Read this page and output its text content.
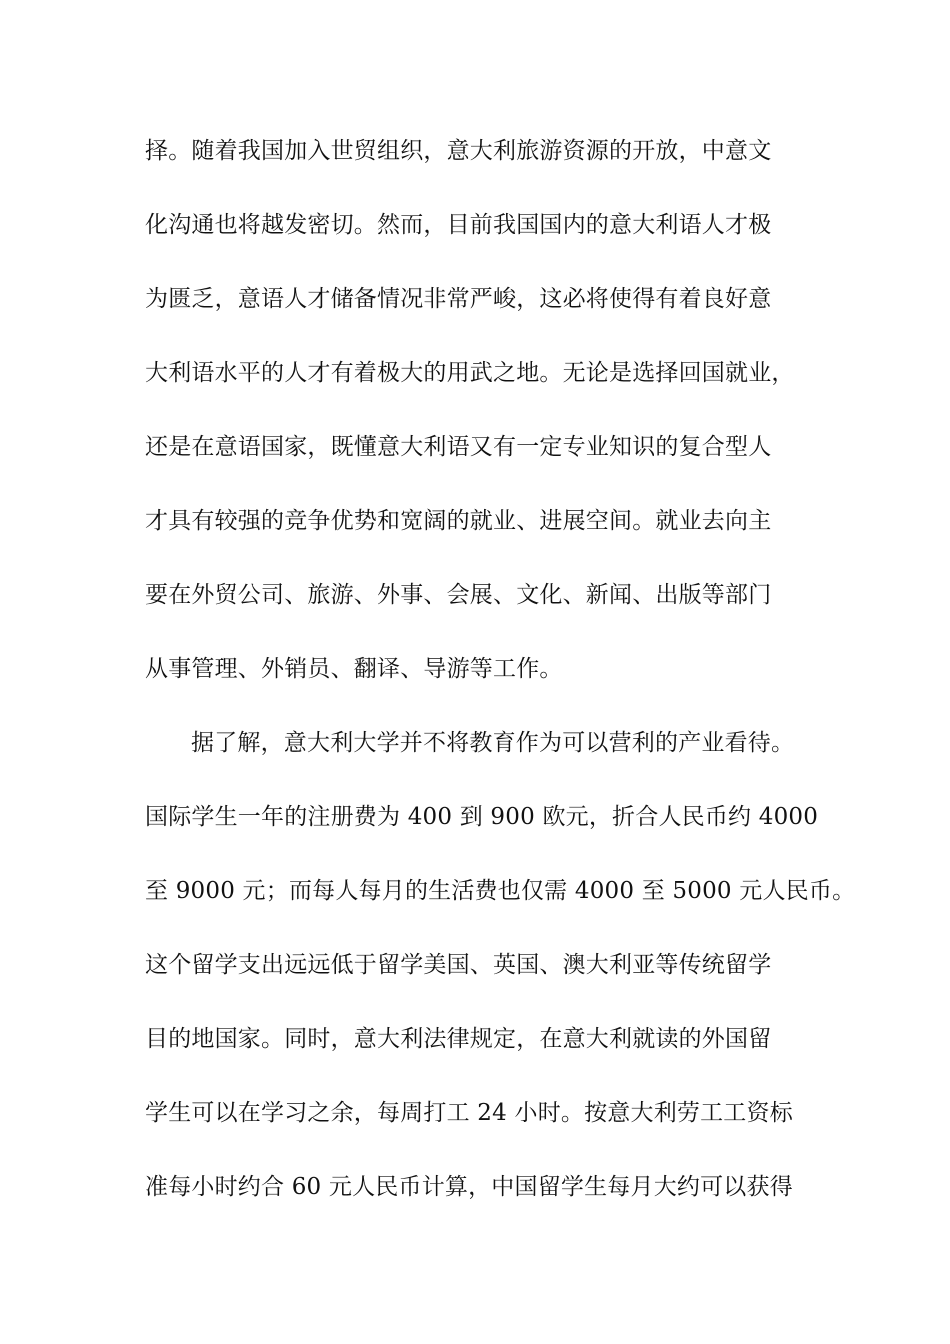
择。随着我国加入世贸组织，意大利旅游资源的开放，中意文
化沟通也将越发密切。然而，目前我国国内的意大利语人才极
为匮乏，意语人才储备情况非常严峻，这必将使得有着良好意
大利语水平的人才有着极大的用武之地。无论是选择回国就业，
还是在意语国家，既懂意大利语又有一定专业知识的复合型人
才具有较强的竞争优势和宽阔的就业、进展空间。就业去向主
要在外贸公司、旅游、外事、会展、文化、新闻、出版等部门
从事管理、外销员、翻译、导游等工作。
据了解，意大利大学并不将教育作为可以营利的产业看待。
国际学生一年的注册费为 400 到 900 欧元，折合人民币约 4000
至 9000 元；而每人每月的生活费也仅需 4000 至 5000 元人民币。
这个留学支出远远低于留学美国、英国、澳大利亚等传统留学
目的地国家。同时，意大利法律规定，在意大利就读的外国留
学生可以在学习之余，每周打工 24 小时。按意大利劳工工资标
准每小时约合 60 元人民币计算，中国留学生每月大约可以获得
